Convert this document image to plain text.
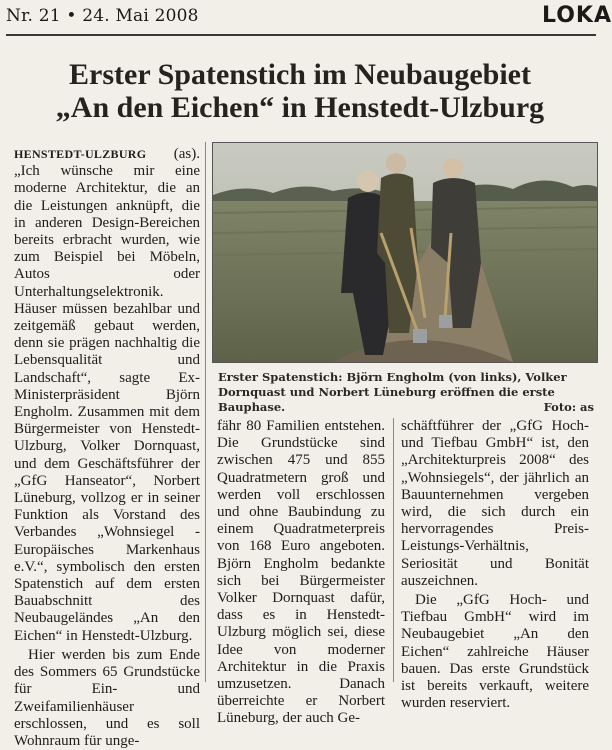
Nr. 21 • 24. Mai 2008	LOKA
Erster Spatenstich im Neubaugebiet
„An den Eichen“ in Henstedt-Ulzburg

HENSTEDT-ULZBURG (as). „Ich wünsche mir eine moderne Architektur, die an die Leistungen anknüpft, die in anderen Design-Bereichen bereits erbracht wurden, wie zum Beispiel bei Möbeln, Autos oder Unterhaltungselektronik. Häuser müssen bezahlbar und zeitgemäß gebaut werden, denn sie prägen nachhaltig die Lebensqualität und Landschaft“, sagte Ex-Ministerpräsident Björn Engholm. Zusammen mit dem Bürgermeister von Henstedt-Ulzburg, Volker Dornquast, und dem Geschäftsführer der „GfG Hanseator“, Norbert Lüneburg, vollzog er in seiner Funktion als Vorstand des Verbandes „Wohnsiegel - Europäisches Markenhaus e.V.“, symbolisch den ersten Spatenstich auf dem ersten Bauabschnitt des Neubaugeländes „An den Eichen“ in Henstedt-Ulzburg.

Hier werden bis zum Ende des Sommers 65 Grundstücke für Ein- und Zweifamilienhäuser erschlossen, und es soll Wohnraum für unge-

Erster Spatenstich: Björn Engholm (von links), Volker Dornquast und Norbert Lüneburg eröffnen die erste Bauphase.	Foto: as

fähr 80 Familien entstehen. Die Grundstücke sind zwischen 475 und 855 Quadratmetern groß und werden voll erschlossen und ohne Baubindung zu einem Quadratmeterpreis von 168 Euro angeboten. Björn Engholm bedankte sich bei Bürgermeister Volker Dornquast dafür, dass es in Henstedt-Ulzburg möglich sei, diese Idee von moderner Architektur in die Praxis umzusetzen. Danach überreichte er Norbert Lüneburg, der auch Ge-

schäftführer der „GfG Hoch- und Tiefbau GmbH“ ist, den „Architekturpreis 2008“ des „Wohnsiegels“, der jährlich an Bauunternehmen vergeben wird, die sich durch ein hervorragendes Preis-Leistungs-Verhältnis, Seriosität und Bonität auszeichnen.

Die „GfG Hoch- und Tiefbau GmbH“ wird im Neubaugebiet „An den Eichen“ zahlreiche Häuser bauen. Das erste Grundstück ist bereits verkauft, weitere wurden reserviert.
